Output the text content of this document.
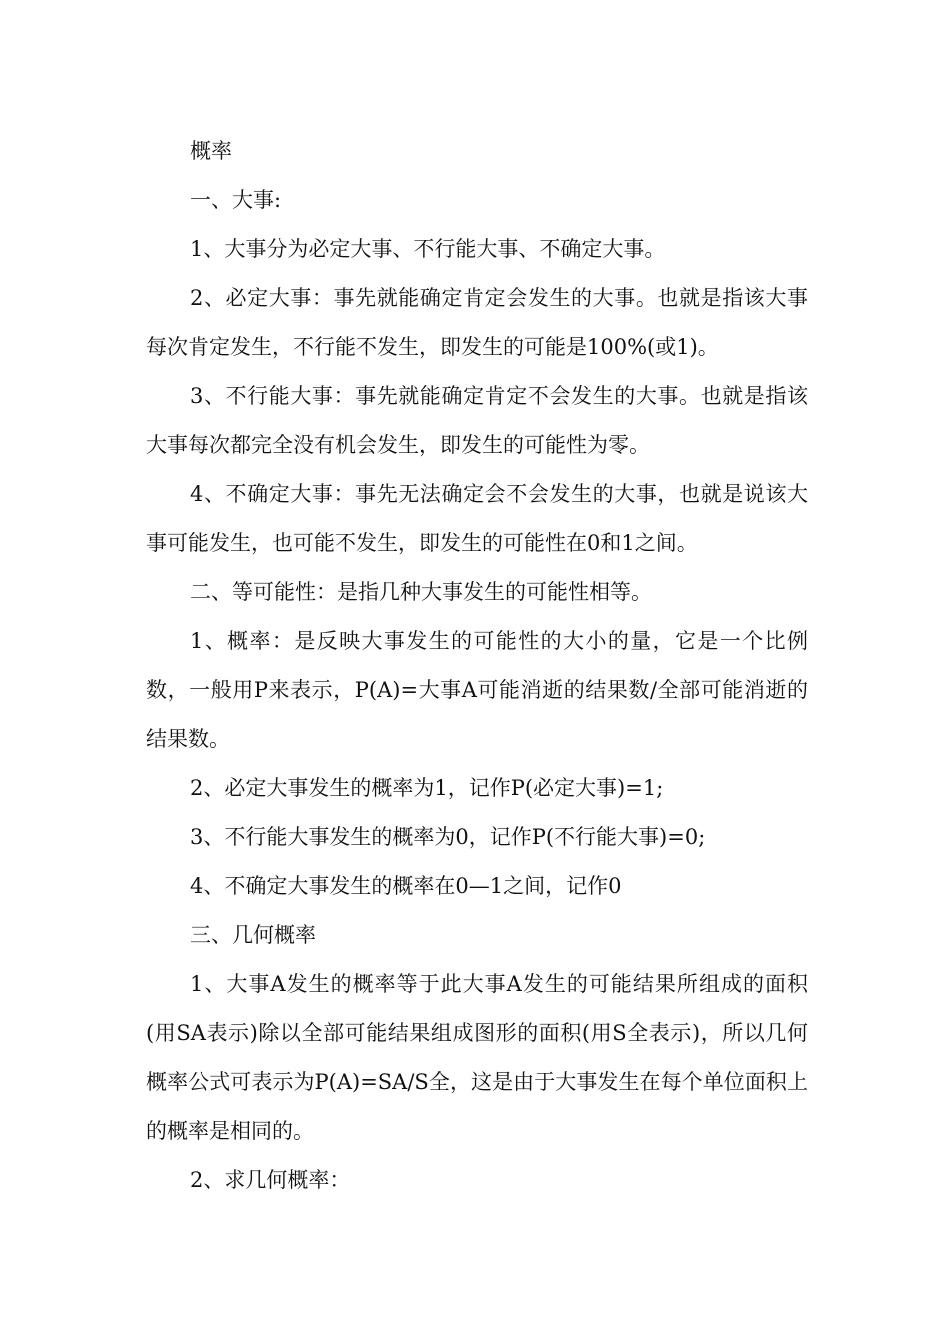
概率

一、大事:

1、大事分为必定大事、不行能大事、不确定大事。

2、必定大事：事先就能确定肯定会发生的大事。也就是指该大事每次肯定发生，不行能不发生，即发生的可能是100%(或1)。

3、不行能大事：事先就能确定肯定不会发生的大事。也就是指该大事每次都完全没有机会发生，即发生的可能性为零。

4、不确定大事：事先无法确定会不会发生的大事，也就是说该大事可能发生，也可能不发生，即发生的可能性在0和1之间。

二、等可能性：是指几种大事发生的可能性相等。

1、概率：是反映大事发生的可能性的大小的量，它是一个比例数，一般用P来表示，P(A)=大事A可能消逝的结果数/全部可能消逝的结果数。

2、必定大事发生的概率为1，记作P(必定大事)=1;

3、不行能大事发生的概率为0，记作P(不行能大事)=0;

4、不确定大事发生的概率在0—1之间，记作0

三、几何概率

1、大事A发生的概率等于此大事A发生的可能结果所组成的面积(用SA表示)除以全部可能结果组成图形的面积(用S全表示)，所以几何概率公式可表示为P(A)=SA/S全，这是由于大事发生在每个单位面积上的概率是相同的。

2、求几何概率：
